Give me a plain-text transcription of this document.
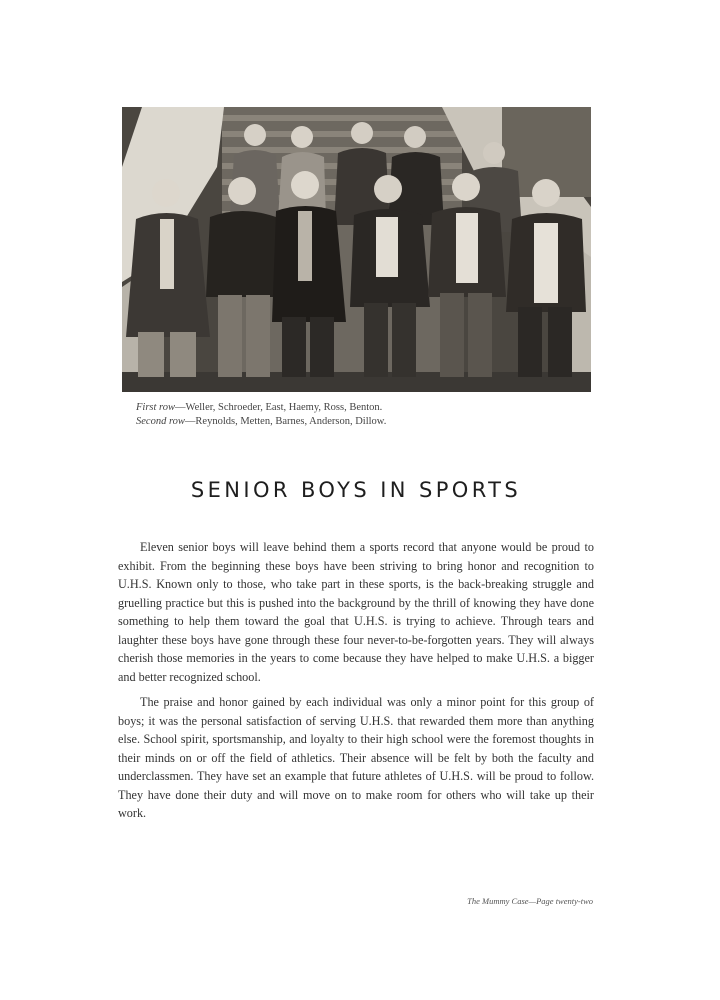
First row—Weller, Schroeder, East, Haemy, Ross, Benton.
Second row—Reynolds, Metten, Barnes, Anderson, Dillow.
SENIOR BOYS IN SPORTS

Eleven senior boys will leave behind them a sports record that anyone would be proud to exhibit. From the beginning these boys have been striving to bring honor and recognition to U.H.S. Known only to those, who take part in these sports, is the back-breaking struggle and gruelling practice but this is pushed into the background by the thrill of knowing they have done something to help them toward the goal that U.H.S. is trying to achieve. Through tears and laughter these boys have gone through these four never-to-be-forgotten years. They will always cherish those memories in the years to come because they have helped to make U.H.S. a bigger and better recognized school.

The praise and honor gained by each individual was only a minor point for this group of boys; it was the personal satisfaction of serving U.H.S. that rewarded them more than anything else. School spirit, sportsmanship, and loyalty to their high school were the foremost thoughts in their minds on or off the field of athletics. Their absence will be felt by both the faculty and underclassmen. They have set an example that future athletes of U.H.S. will be proud to follow. They have done their duty and will move on to make room for others who will take up their work.

The Mummy Case—Page twenty-two
